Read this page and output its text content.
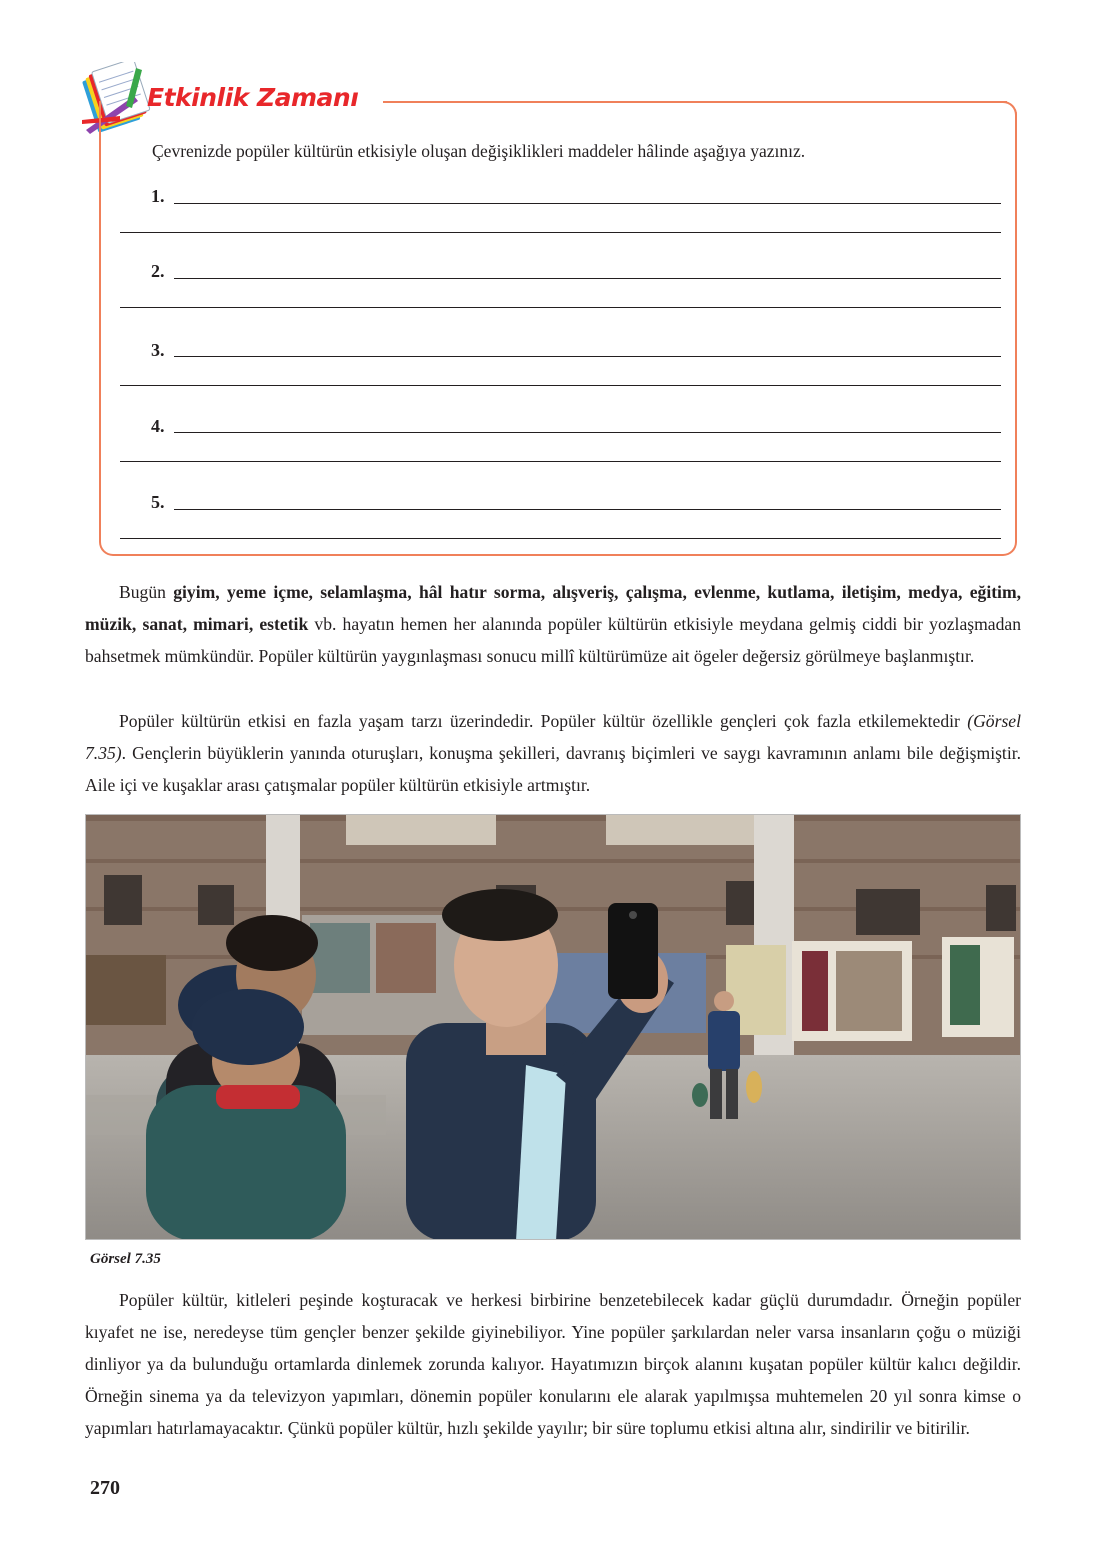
Etkinlik Zamanı
Çevrenizde popüler kültürün etkisiyle oluşan değişiklikleri maddeler hâlinde aşağıya yazınız.
1.
2.
3.
4.
5.

Bugün giyim, yeme içme, selamlaşma, hâl hatır sorma, alışveriş, çalışma, evlenme, kutlama, iletişim, medya, eğitim, müzik, sanat, mimari, estetik vb. hayatın hemen her alanında popüler kültürün etkisiyle meydana gelmiş ciddi bir yozlaşmadan bahsetmek mümkündür. Popüler kültürün yaygınlaşması sonucu millî kültürümüze ait ögeler değersiz görülmeye başlanmıştır.

Popüler kültürün etkisi en fazla yaşam tarzı üzerindedir. Popüler kültür özellikle gençleri çok fazla etkilemektedir (Görsel 7.35). Gençlerin büyüklerin yanında oturuşları, konuşma şekilleri, davranış biçimleri ve saygı kavramının anlamı bile değişmiştir. Aile içi ve kuşaklar arası çatışmalar popüler kültürün etkisiyle artmıştır.

Görsel 7.35

Popüler kültür, kitleleri peşinde koşturacak ve herkesi birbirine benzetebilecek kadar güçlü durumdadır. Örneğin popüler kıyafet ne ise, neredeyse tüm gençler benzer şekilde giyinebiliyor. Yine popüler şarkılardan neler varsa insanların çoğu o müziği dinliyor ya da bulunduğu ortamlarda dinlemek zorunda kalıyor. Hayatımızın birçok alanını kuşatan popüler kültür kalıcı değildir. Örneğin sinema ya da televizyon yapımları, dönemin popüler konularını ele alarak yapılmışsa muhtemelen 20 yıl sonra kimse o yapımları hatırlamayacaktır. Çünkü popüler kültür, hızlı şekilde yayılır; bir süre toplumu etkisi altına alır, sindirilir ve bitirilir.

270
